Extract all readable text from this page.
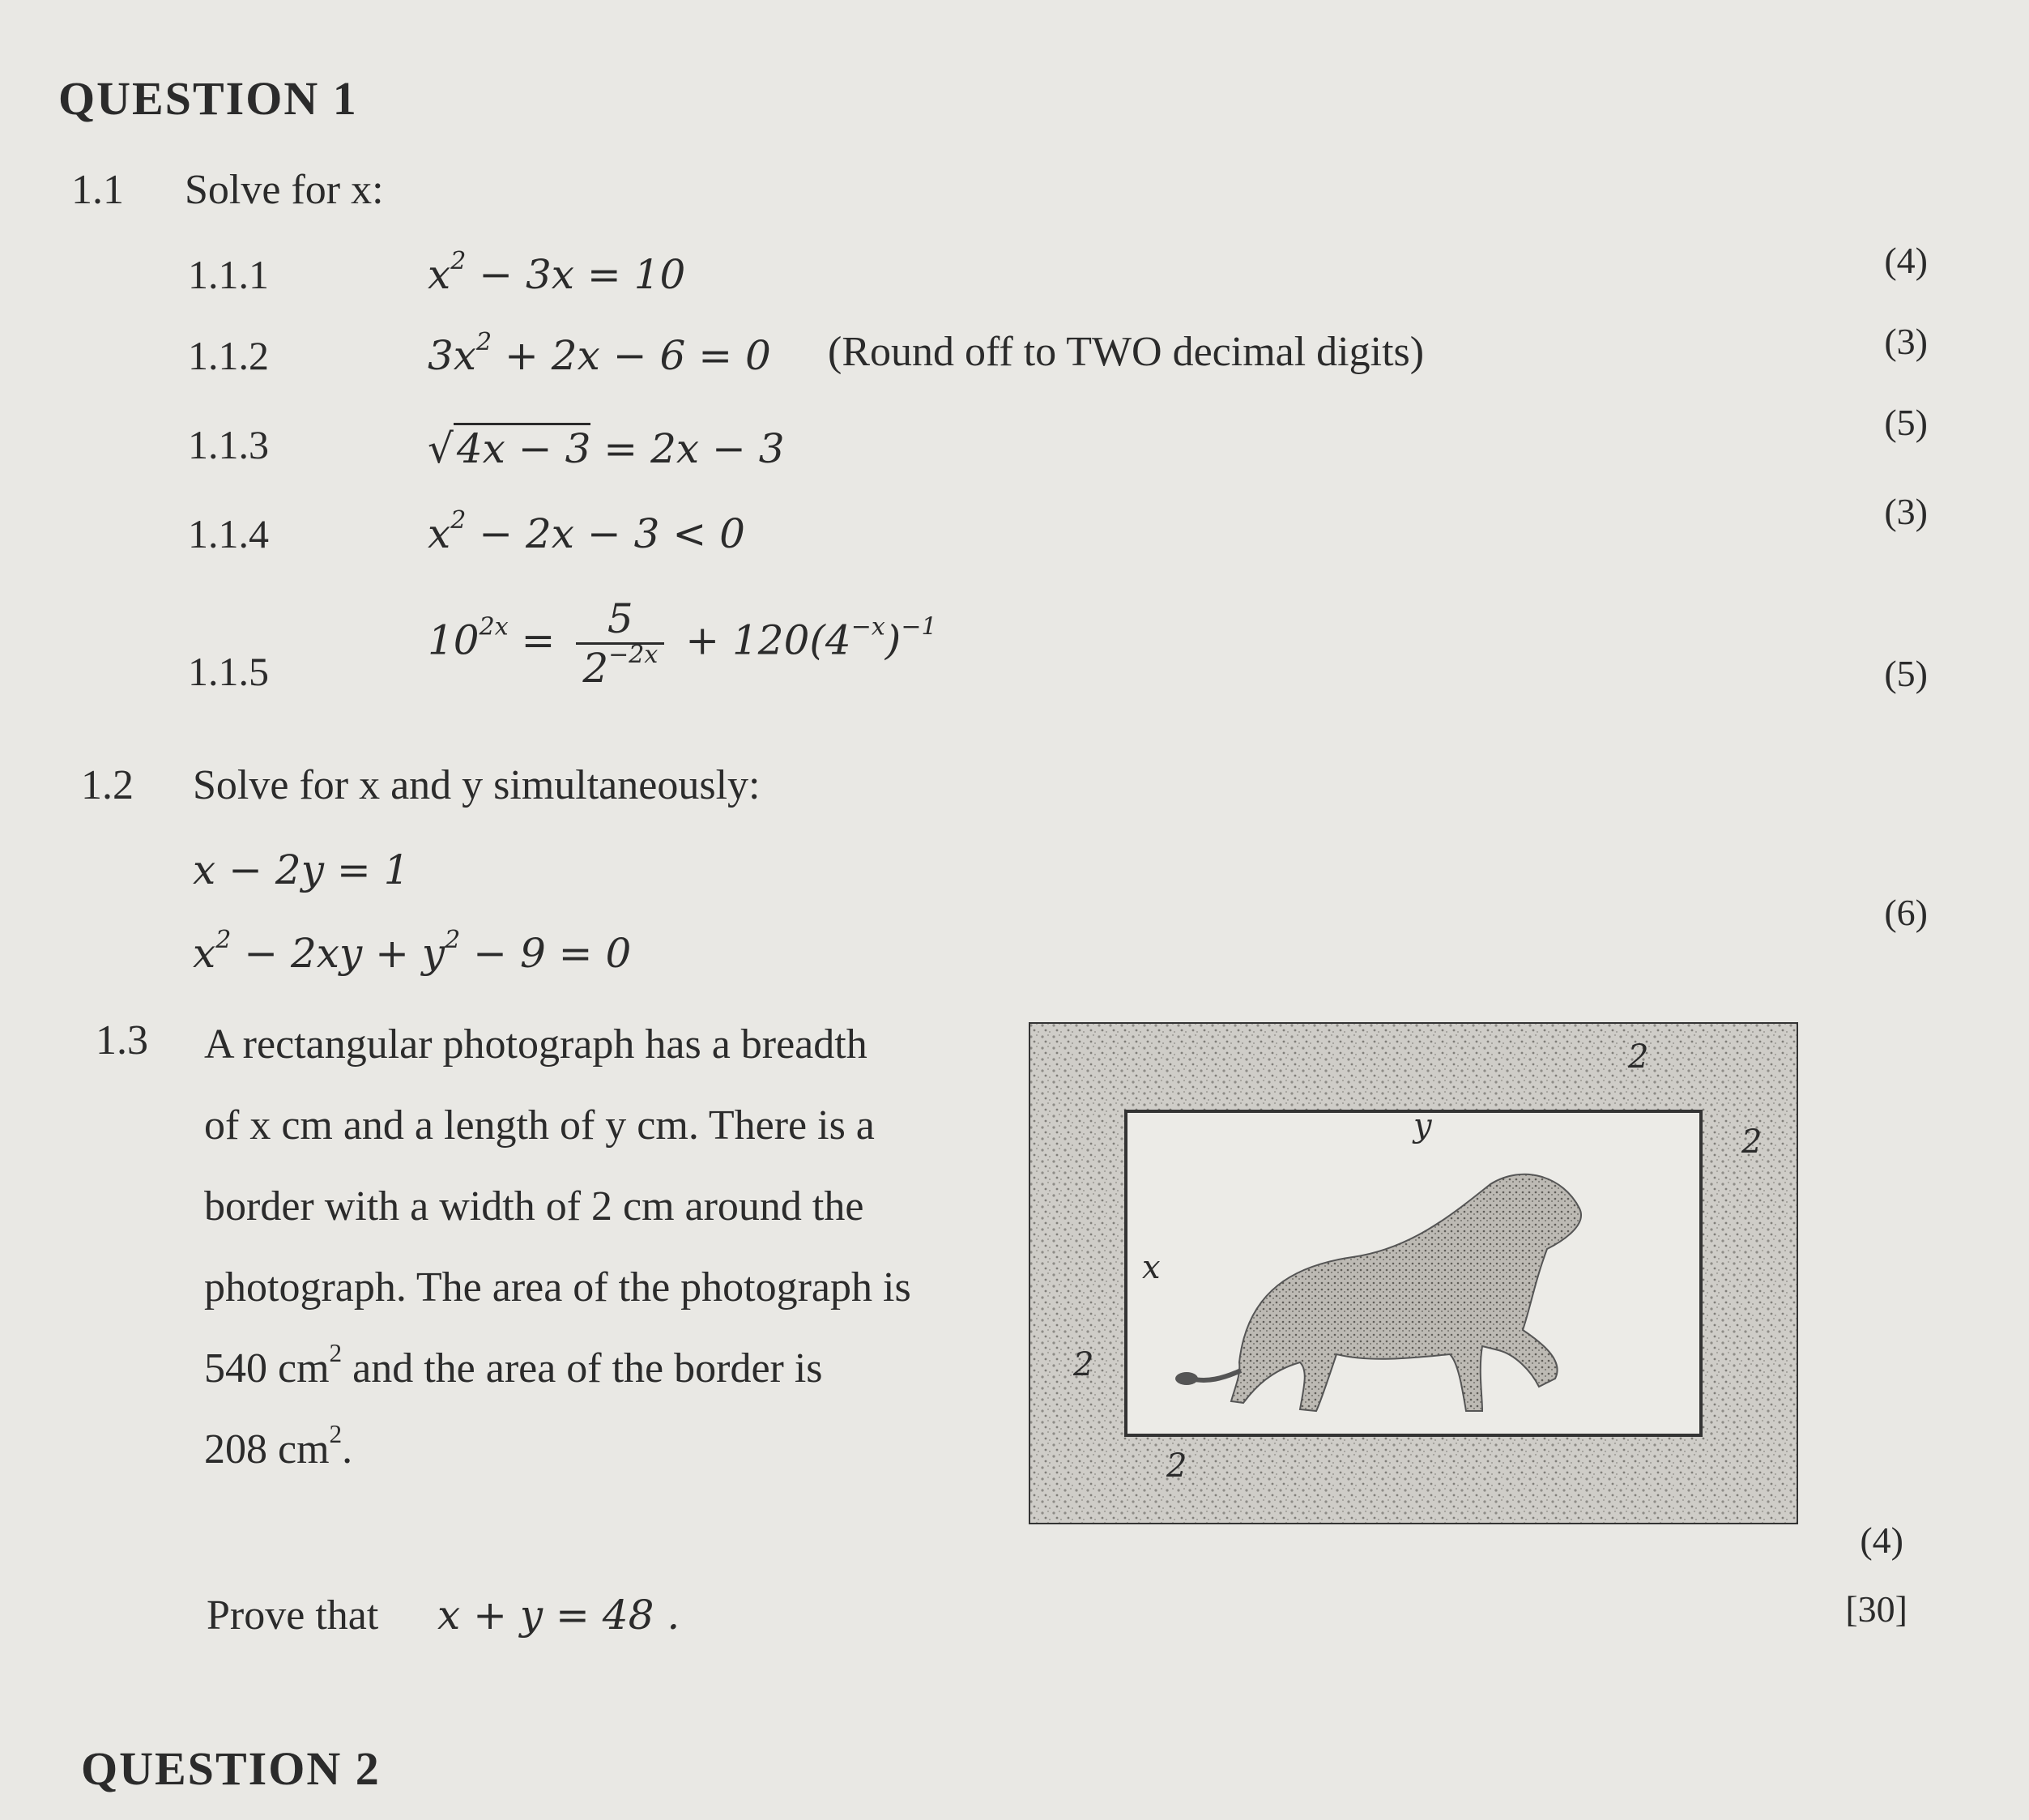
QUESTION 1
1.1 Solve for x:
1.1.1	$x^2 - 3x = 10$	(4)
1.1.2	$3x^2 + 2x - 6 = 0$ (Round off to TWO decimal digits)	(3)
1.1.3	√4x − 3 = 2x − 3
(5)
1.1.4	$x^2 - 2x - 3 < 0$	(3)
1.1.5
$10^{2x} = \frac{5}{2^{-2x}} + 120(4^{-x})^{-1}$
(5)
1.2 Solve for x and y simultaneously:
x − 2y = 1
$x^2 - 2xy + y^2 - 9 = 0$
(6)
1.3 A rectangular photograph has a breadth
of x cm and a length of y cm. There is a
border with a width of 2 cm around the
photograph. The area of the photograph is
540 $cm^2$ and the area of the border is
208 $cm^2$.
y
x
2
2
2
2
(4)
Prove that x + y = 48 .	[30]
QUESTION 2
